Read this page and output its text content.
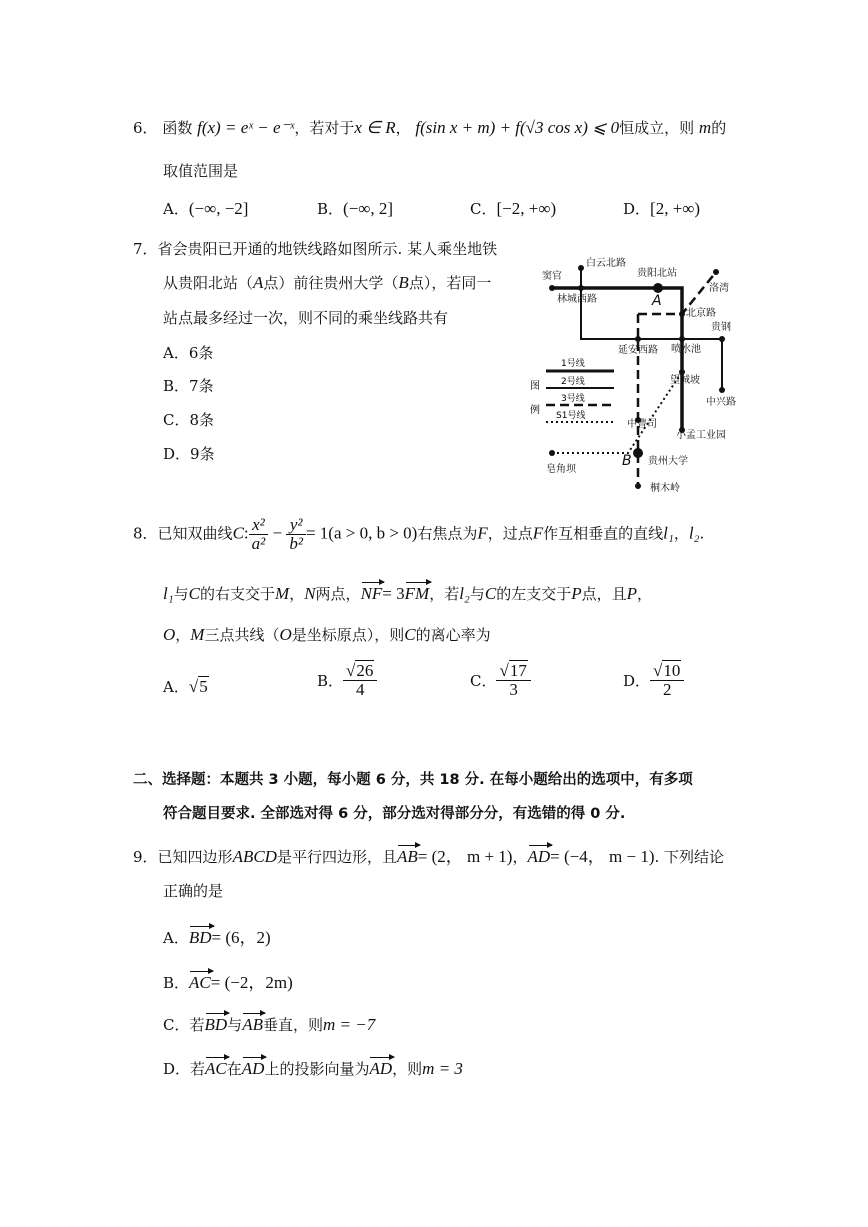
6． 函数 f(x) = eˣ − e⁻ˣ，若对于x ∈ R， f(sin x + m) + f(√3 cos x) ⩽ 0恒成立，则 m的
取值范围是
A．(−∞, −2]	B．(−∞, 2]	C．[−2, +∞)	D．[2, +∞)
7．省会贵阳已开通的地铁线路如图所示. 某人乘坐地铁
从贵阳北站（A点）前往贵州大学（B点），若同一
站点最多经过一次，则不同的乘坐线路共有
A．6条
B．7条
C．8条
D．9条
1号线
2号线
3号线
S1号线
图
例
白云北路
窦官	贵阳北站
洛湾
林城西路
北京路
贵钢
延安西路 喷水池
望城坡
中兴路
中曹司
小孟工业园
皂角坝
贵州大学
桐木岭
A
B
8．已知双曲线C: $\frac{\text{x²}}{\text{a²}} - \frac{\text{y²}}{\text{b²}} = 1(a > 0$, b > 0)右焦点为F，过点F作互相垂直的直线l₁，l₂.
l₁与C的右支交于M，N两点，NF= 3FM，若l₂与C的左支交于P点，且P，
O，M三点共线（O是坐标原点），则C的离心率为
A．√5	B． $\frac{√26}{4}$	C． $\frac{√17}{3}$	D． $\frac{√10}{2}$
二、选择题：本题共 3 小题，每小题 6 分，共 18 分. 在每小题给出的选项中，有多项
符合题目要求. 全部选对得 6 分，部分选对得部分分，有选错的得 0 分.
9．已知四边形ABCD是平行四边形，且AB= (2， m + 1)，AD= (−4， m − 1). 下列结论
正确的是
A．BD= (6，2)
B．AC= (−2，2m)
C．若BD与AB垂直，则m = −7
D．若AC在AD上的投影向量为AD，则m = 3
